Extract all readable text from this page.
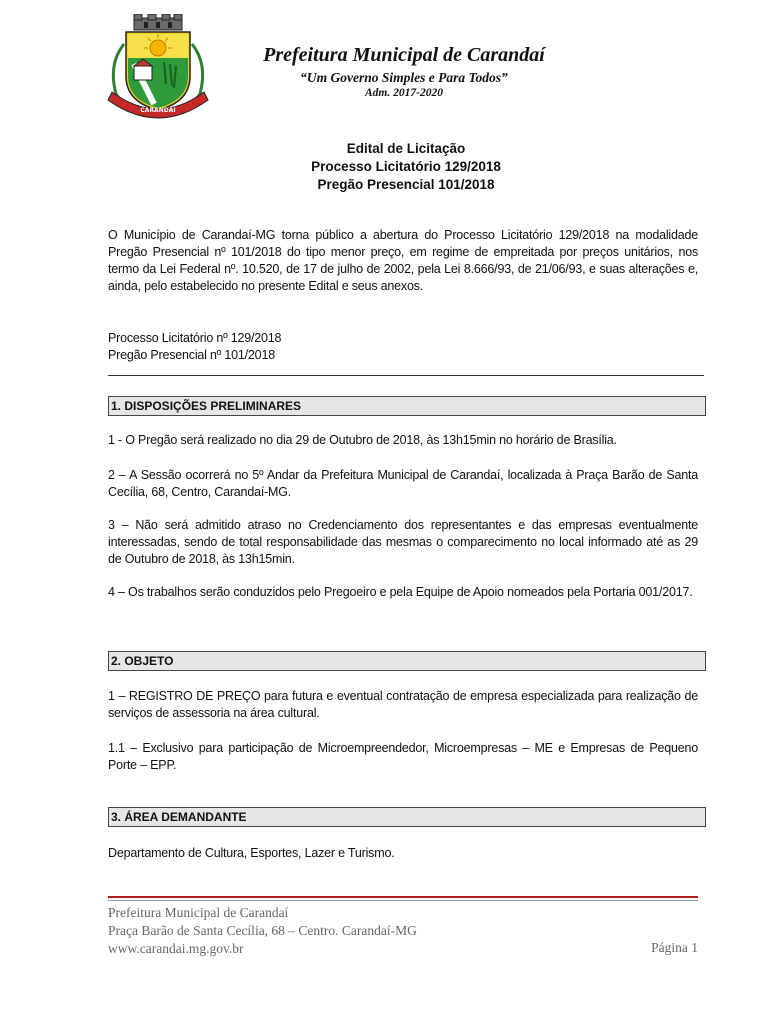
CARANDAÍ
Prefeitura Municipal de Carandaí
“Um Governo Simples e Para Todos”
Adm. 2017-2020
Edital de Licitação
Processo Licitatório 129/2018
Pregão Presencial 101/2018
O Município de Carandaí-MG torna público a abertura do Processo Licitatório 129/2018 na modalidade Pregão Presencial nº 101/2018 do tipo menor preço, em regime de empreitada por preços unitários, nos termo da Lei Federal nº. 10.520, de 17 de julho de 2002, pela Lei 8.666/93, de 21/06/93, e suas alterações e, ainda, pelo estabelecido no presente Edital e seus anexos.
Processo Licitatório nº 129/2018
Pregão Presencial nº 101/2018
1. DISPOSIÇÕES PRELIMINARES
1 - O Pregão será realizado no dia 29 de Outubro de 2018, às 13h15min no horário de Brasília.
2 – A Sessão ocorrerá no 5º Andar da Prefeitura Municipal de Carandaí, localizada à Praça Barão de Santa Cecília, 68, Centro, Carandaí-MG.
3 – Não será admitido atraso no Credenciamento dos representantes e das empresas eventualmente interessadas, sendo de total responsabilidade das mesmas o comparecimento no local informado até as 29 de Outubro de 2018, às 13h15min.
4 – Os trabalhos serão conduzidos pelo Pregoeiro e pela Equipe de Apoio nomeados pela Portaria 001/2017.
2. OBJETO
1 – REGISTRO DE PREÇO para futura e eventual contratação de empresa especializada para realização de serviços de assessoria na área cultural.
1.1 – Exclusivo para participação de Microempreendedor, Microempresas – ME e Empresas de Pequeno Porte – EPP.
3. ÁREA DEMANDANTE
Departamento de Cultura, Esportes, Lazer e Turismo.
Prefeitura Municipal de Carandaí
Praça Barão de Santa Cecília, 68 – Centro. Carandaí-MG
www.carandai.mg.gov.br	Página 1
